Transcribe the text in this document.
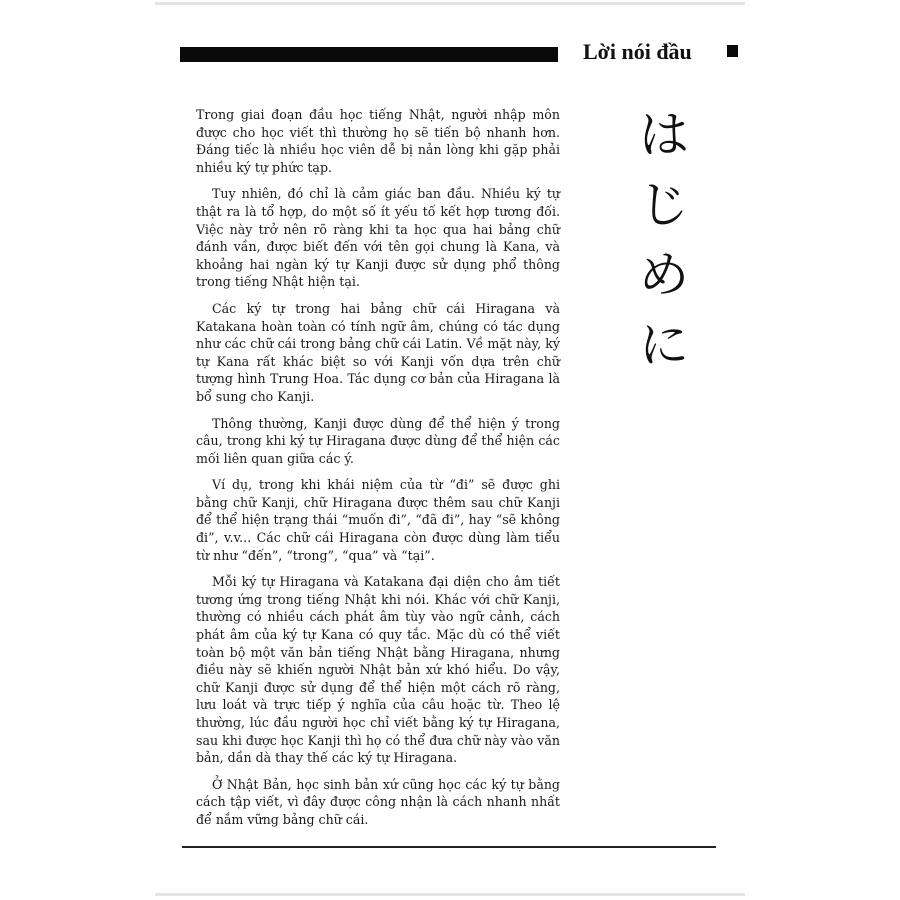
Lời nói đầu
は
じ
め
に

Trong giai đoạn đầu học tiếng Nhật, người nhập môn được cho học viết thì thường họ sẽ tiến bộ nhanh hơn. Đáng tiếc là nhiều học viên dễ bị nản lòng khi gặp phải nhiều ký tự phức tạp.

Tuy nhiên, đó chỉ là cảm giác ban đầu. Nhiều ký tự thật ra là tổ hợp, do một số ít yếu tố kết hợp tương đối. Việc này trở nên rõ ràng khi ta học qua hai bảng chữ đánh vần, được biết đến với tên gọi chung là Kana, và khoảng hai ngàn ký tự Kanji được sử dụng phổ thông trong tiếng Nhật hiện tại.

Các ký tự trong hai bảng chữ cái Hiragana và Katakana hoàn toàn có tính ngữ âm, chúng có tác dụng như các chữ cái trong bảng chữ cái Latin. Về mặt này, ký tự Kana rất khác biệt so với Kanji vốn dựa trên chữ tượng hình Trung Hoa. Tác dụng cơ bản của Hiragana là bổ sung cho Kanji.

Thông thường, Kanji được dùng để thể hiện ý trong câu, trong khi ký tự Hiragana được dùng để thể hiện các mối liên quan giữa các ý.

Ví dụ, trong khi khái niệm của từ “đi” sẽ được ghi bằng chữ Kanji, chữ Hiragana được thêm sau chữ Kanji để thể hiện trạng thái “muốn đi”, “đã đi”, hay “sẽ không đi”, v.v... Các chữ cái Hiragana còn được dùng làm tiểu từ như “đến”, “trong”, “qua” và “tại”.

Mỗi ký tự Hiragana và Katakana đại diện cho âm tiết tương ứng trong tiếng Nhật khi nói. Khác với chữ Kanji, thường có nhiều cách phát âm tùy vào ngữ cảnh, cách phát âm của ký tự Kana có quy tắc. Mặc dù có thể viết toàn bộ một văn bản tiếng Nhật bằng Hiragana, nhưng điều này sẽ khiến người Nhật bản xứ khó hiểu. Do vậy, chữ Kanji được sử dụng để thể hiện một cách rõ ràng, lưu loát và trực tiếp ý nghĩa của câu hoặc từ. Theo lệ thường, lúc đầu người học chỉ viết bằng ký tự Hiragana, sau khi được học Kanji thì họ có thể đưa chữ này vào văn bản, dần dà thay thế các ký tự Hiragana.

Ở Nhật Bản, học sinh bản xứ cũng học các ký tự bằng cách tập viết, vì đây được công nhận là cách nhanh nhất để nắm vững bảng chữ cái.
